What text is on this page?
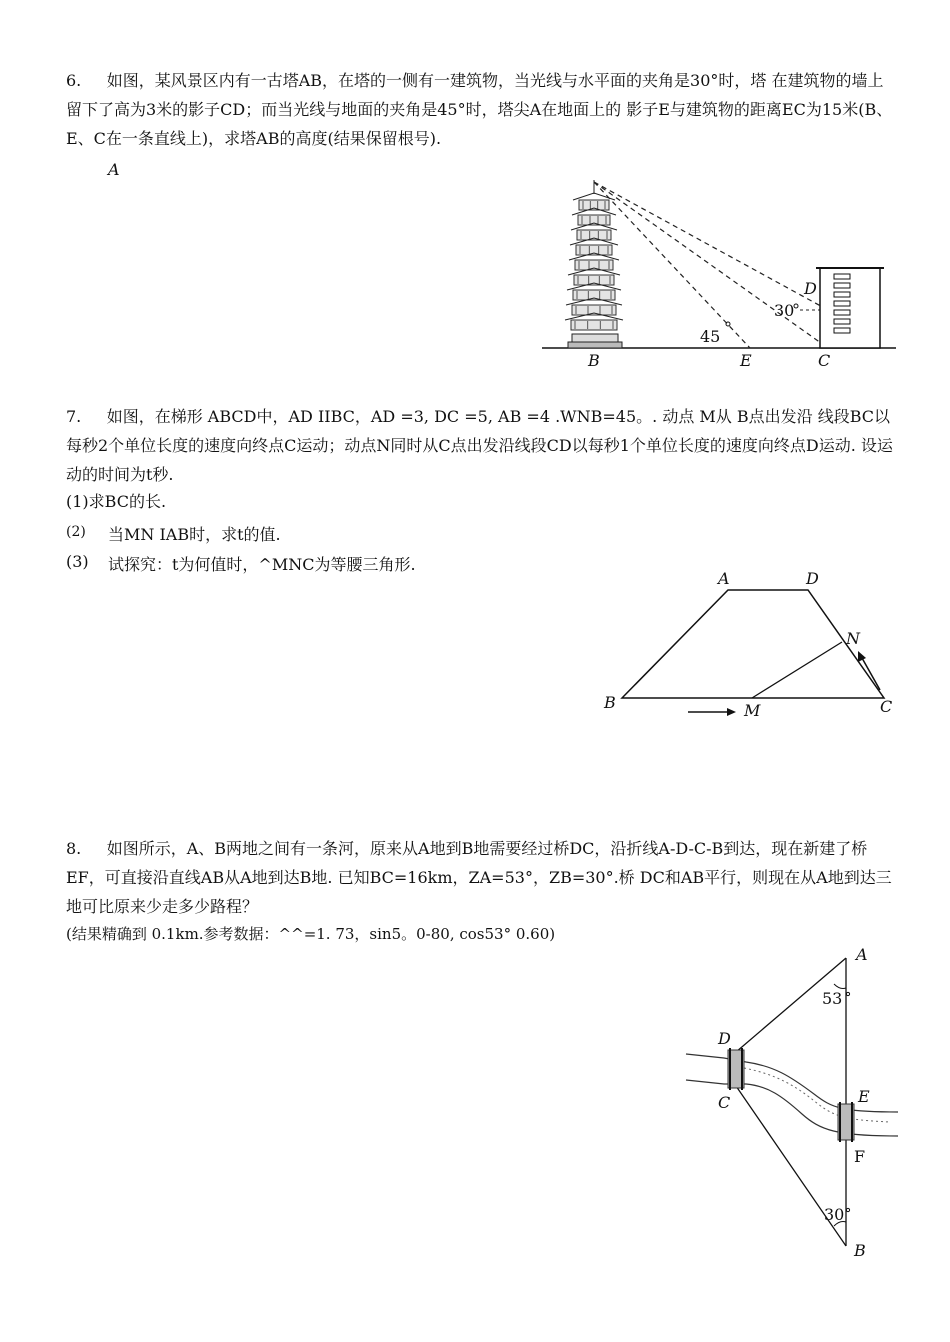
6. 如图，某风景区内有一古塔AB，在塔的一侧有一建筑物，当光线与水平面的夹角是30°时，塔 在建筑物的墙上留下了高为3米的影子CD；而当光线与地面的夹角是45°时，塔尖A在地面上的 影子E与建筑物的距离EC为15米(B、E、C在一条直线上)，求塔AB的高度(结果保留根号).

A
B	E	C
D
30
45

7. 如图，在梯形 ABCD中，AD IIBC，AD =3, DC =5, AB =4 .WNB=45。. 动点 M从 B点出发沿 线段BC以每秒2个单位长度的速度向终点C运动；动点N同时从C点出发沿线段CD以每秒1个单位长度的速度向终点D运动. 设运动的时间为t秒.

(1)求BC的长.
(2) 当MN IAB时，求t的值.
(3) 试探究：t为何值时，^MNC为等腰三角形.
A	D
N
B	M	C

8. 如图所示，A、B两地之间有一条河，原来从A地到B地需要经过桥DC，沿折线A-D-C-B到达，现在新建了桥EF，可直接沿直线AB从A地到达B地. 已知BC=16km，ZA=53°，ZB=30°.桥 DC和AB平行，则现在从A地到达三地可比原来少走多少路程？

(结果精确到 0.1km.参考数据：^^=1. 73，sin5。0-80, cos53° 0.60)
A
D
C	E
F
B
53
30
